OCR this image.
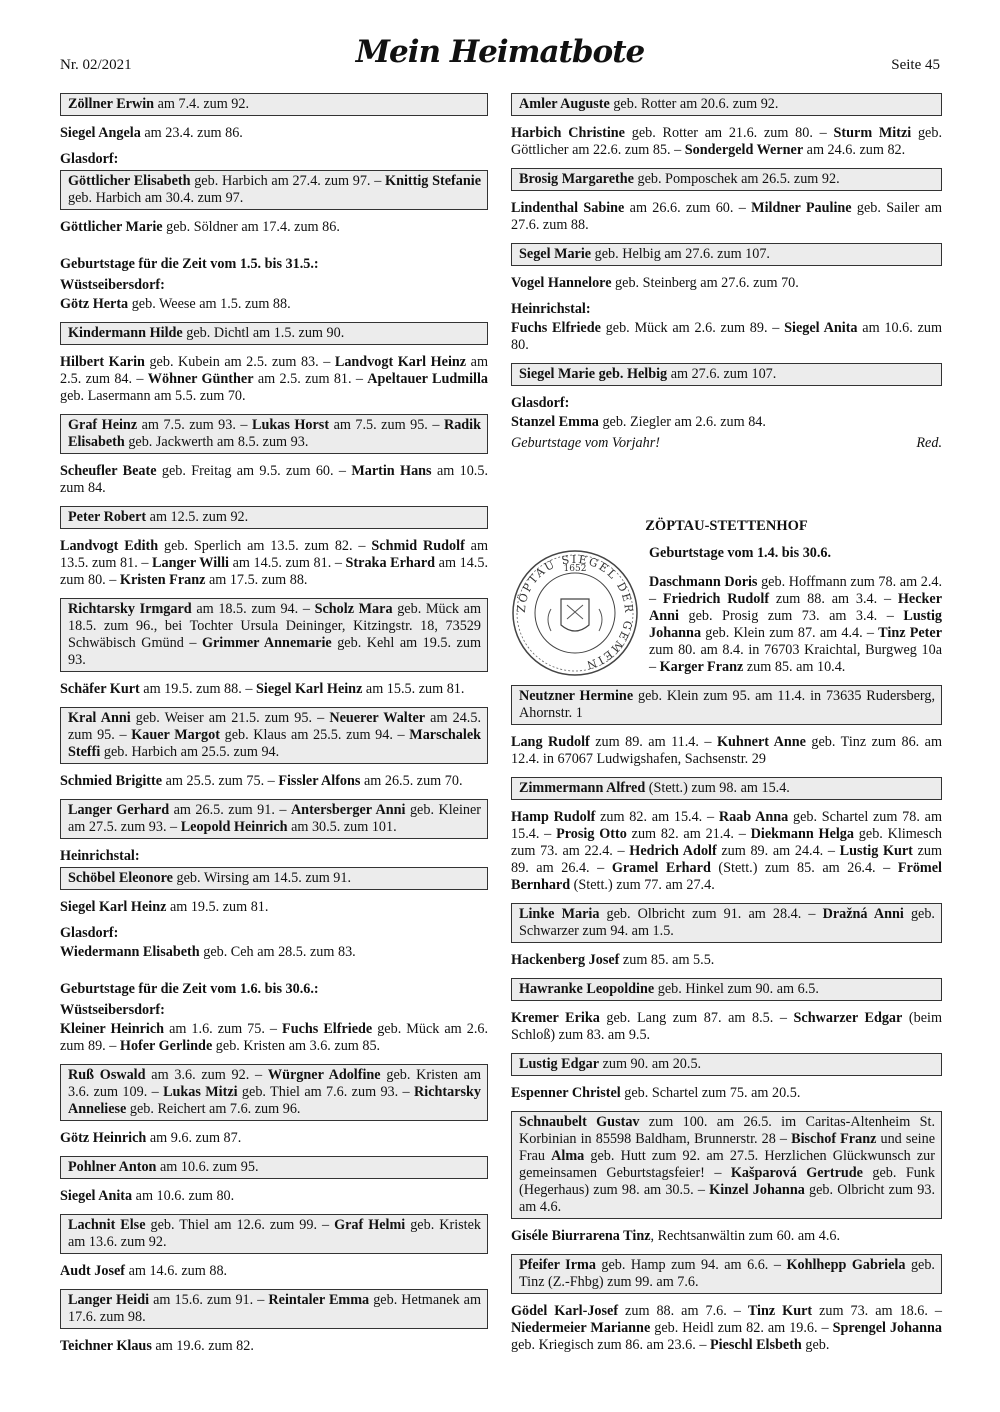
Nr. 02/2021	Mein Heimatbote	Seite 45
Zöllner Erwin am 7.4. zum 92.

Siegel Angela am 23.4. zum 86.

Glasdorf:

Göttlicher Elisabeth geb. Harbich am 27.4. zum 97. – Knittig Stefanie geb. Harbich am 30.4. zum 97.

Göttlicher Marie geb. Söldner am 17.4. zum 86.

Geburtstage für die Zeit vom 1.5. bis 31.5.:

Wüstseibersdorf:

Götz Herta geb. Weese am 1.5. zum 88.

Kindermann Hilde geb. Dichtl am 1.5. zum 90.

Hilbert Karin geb. Kubein am 2.5. zum 83. – Landvogt Karl Heinz am 2.5. zum 84. – Wöhner Günther am 2.5. zum 81. – Apeltauer Ludmilla geb. Lasermann am 5.5. zum 70.

Graf Heinz am 7.5. zum 93. – Lukas Horst am 7.5. zum 95. – Radik Elisabeth geb. Jackwerth am 8.5. zum 93.

Scheufler Beate geb. Freitag am 9.5. zum 60. – Martin Hans am 10.5. zum 84.

Peter Robert am 12.5. zum 92.

Landvogt Edith geb. Sperlich am 13.5. zum 82. – Schmid Rudolf am 13.5. zum 81. – Langer Willi am 14.5. zum 81. – Straka Erhard am 14.5. zum 80. – Kristen Franz am 17.5. zum 88.

Richtarsky Irmgard am 18.5. zum 94. – Scholz Mara geb. Mück am 18.5. zum 96., bei Tochter Ursula Deininger, Kitzingstr. 18, 73529 Schwäbisch Gmünd – Grimmer Annemarie geb. Kehl am 19.5. zum 93.

Schäfer Kurt am 19.5. zum 88. – Siegel Karl Heinz am 15.5. zum 81.

Kral Anni geb. Weiser am 21.5. zum 95. – Neuerer Walter am 24.5. zum 95. – Kauer Margot geb. Klaus am 25.5. zum 94. – Marschalek Steffi geb. Harbich am 25.5. zum 94.

Schmied Brigitte am 25.5. zum 75. – Fissler Alfons am 26.5. zum 70.

Langer Gerhard am 26.5. zum 91. – Antersberger Anni geb. Kleiner am 27.5. zum 93. – Leopold Heinrich am 30.5. zum 101.

Heinrichstal:

Schöbel Eleonore geb. Wirsing am 14.5. zum 91.

Siegel Karl Heinz am 19.5. zum 81.

Glasdorf:

Wiedermann Elisabeth geb. Ceh am 28.5. zum 83.

Geburtstage für die Zeit vom 1.6. bis 30.6.:

Wüstseibersdorf:

Kleiner Heinrich am 1.6. zum 75. – Fuchs Elfriede geb. Mück am 2.6. zum 89. – Hofer Gerlinde geb. Kristen am 3.6. zum 85.

Ruß Oswald am 3.6. zum 92. – Würgner Adolfine geb. Kristen am 3.6. zum 109. – Lukas Mitzi geb. Thiel am 7.6. zum 93. – Richtarsky Anneliese geb. Reichert am 7.6. zum 96.

Götz Heinrich am 9.6. zum 87.

Pohlner Anton am 10.6. zum 95.

Siegel Anita am 10.6. zum 80.

Lachnit Else geb. Thiel am 12.6. zum 99. – Graf Helmi geb. Kristek am 13.6. zum 92.

Audt Josef am 14.6. zum 88.

Langer Heidi am 15.6. zum 91. – Reintaler Emma geb. Hetmanek am 17.6. zum 98.

Teichner Klaus am 19.6. zum 82.

Amler Auguste geb. Rotter am 20.6. zum 92.

Harbich Christine geb. Rotter am 21.6. zum 80. – Sturm Mitzi geb. Göttlicher am 22.6. zum 85. – Sondergeld Werner am 24.6. zum 82.

Brosig Margarethe geb. Pomposchek am 26.5. zum 92.

Lindenthal Sabine am 26.6. zum 60. – Mildner Pauline geb. Sailer am 27.6. zum 88.

Segel Marie geb. Helbig am 27.6. zum 107.

Vogel Hannelore geb. Steinberg am 27.6. zum 70.

Heinrichstal:

Fuchs Elfriede geb. Mück am 2.6. zum 89. – Siegel Anita am 10.6. zum 80.

Siegel Marie geb. Helbig am 27.6. zum 107.

Glasdorf:

Stanzel Emma geb. Ziegler am 2.6. zum 84.

Geburtstage vom Vorjahr!	Red.

ZÖPTAU-STETTENHOF

ZÖPTAU SIEGEL DER GEMEIN
1652

Geburtstage vom 1.4. bis 30.6.

Daschmann Doris geb. Hoffmann zum 78. am 2.4. – Friedrich Rudolf zum 88. am 3.4. – Hecker Anni geb. Prosig zum 73. am 3.4. – Lustig Johanna geb. Klein zum 87. am 4.4. – Tinz Peter zum 80. am 8.4. in 76703 Kraichtal, Burgweg 10a – Karger Franz zum 85. am 10.4.

Neutzner Hermine geb. Klein zum 95. am 11.4. in 73635 Rudersberg, Ahornstr. 1

Lang Rudolf zum 89. am 11.4. – Kuhnert Anne geb. Tinz zum 86. am 12.4. in 67067 Ludwigshafen, Sachsenstr. 29

Zimmermann Alfred (Stett.) zum 98. am 15.4.

Hamp Rudolf zum 82. am 15.4. – Raab Anna geb. Schartel zum 78. am 15.4. – Prosig Otto zum 82. am 21.4. – Diekmann Helga geb. Klimesch zum 73. am 22.4. – Hedrich Adolf zum 89. am 24.4. – Lustig Kurt zum 89. am 26.4. – Gramel Erhard (Stett.) zum 85. am 26.4. – Frömel Bernhard (Stett.) zum 77. am 27.4.

Linke Maria geb. Olbricht zum 91. am 28.4. – Dražná Anni geb. Schwarzer zum 94. am 1.5.

Hackenberg Josef zum 85. am 5.5.

Hawranke Leopoldine geb. Hinkel zum 90. am 6.5.

Kremer Erika geb. Lang zum 87. am 8.5. – Schwarzer Edgar (beim Schloß) zum 83. am 9.5.

Lustig Edgar zum 90. am 20.5.

Espenner Christel geb. Schartel zum 75. am 20.5.

Schnaubelt Gustav zum 100. am 26.5. im Caritas-Altenheim St. Korbinian in 85598 Baldham, Brunnerstr. 28 – Bischof Franz und seine Frau Alma geb. Hutt zum 92. am 27.5. Herzlichen Glückwunsch zur gemeinsamen Geburtstagsfeier! – Kašparová Gertrude geb. Funk (Hegerhaus) zum 98. am 30.5. – Kinzel Johanna geb. Olbricht zum 93. am 4.6.

Giséle Biurrarena Tinz, Rechtsanwältin zum 60. am 4.6.

Pfeifer Irma geb. Hamp zum 94. am 6.6. – Kohlhepp Gabriela geb. Tinz (Z.-Fhbg) zum 99. am 7.6.

Gödel Karl-Josef zum 88. am 7.6. – Tinz Kurt zum 73. am 18.6. – Niedermeier Marianne geb. Heidl zum 82. am 19.6. – Sprengel Johanna geb. Kriegisch zum 86. am 23.6. – Pieschl Elsbeth geb.
